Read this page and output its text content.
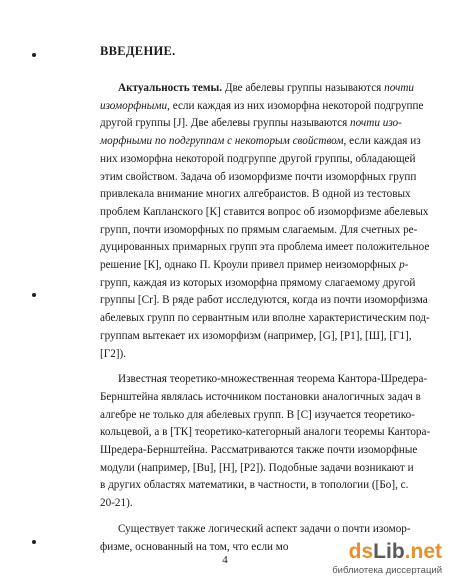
ВВЕДЕНИЕ.
Актуальность темы. Две абелевы группы называются почти
изоморфными, если каждая из них изоморфна некоторой подгруппе
другой группы [J]. Две абелевы группы называются почти изо-
морфными по подгруппам с некоторым свойством, если каждая из
них изоморфна некоторой подгруппе другой группы, обладающей
этим свойством. Задача об изоморфизме почти изоморфных групп
привлекала внимание многих алгебраистов. В одной из тестовых
проблем Капланского [К] ставится вопрос об изоморфизме абелевых
групп, почти изоморфных по прямым слагаемым. Для счетных ре-
дуцированных примарных групп эта проблема имеет положительное
решение [К], однако П. Кроули привел пример неизоморфных p-
групп, каждая из которых изоморфна прямому слагаемому другой
группы [Cr]. В ряде работ исследуются, когда из почти изоморфизма
абелевых групп по сервантным или вполне характеристическим под-
группам вытекает их изоморфизм (например, [G], [P1], [Ш], [Г1],
[Г2]).
Известная теоретико-множественная теорема Кантора-Шредера-
Бернштейна являлась источником постановки аналогичных задач в
алгебре не только для абелевых групп. В [С] изучается теоретико-
кольцевой, а в [ТК] теоретико-категорный аналоги теоремы Кантора-
Шредера-Бернштейна. Рассматриваются также почти изоморфные
модули (например, [Bu], [H], [P2]). Подобные задачи возникают и
в других областях математики, в частности, в топологии ([Бо], с.
20-21).
Существует также логический аспект задачи о почти изомор-
физме, основанный на том, что если мо
4	dsLib.net
библиотека диссертаций
